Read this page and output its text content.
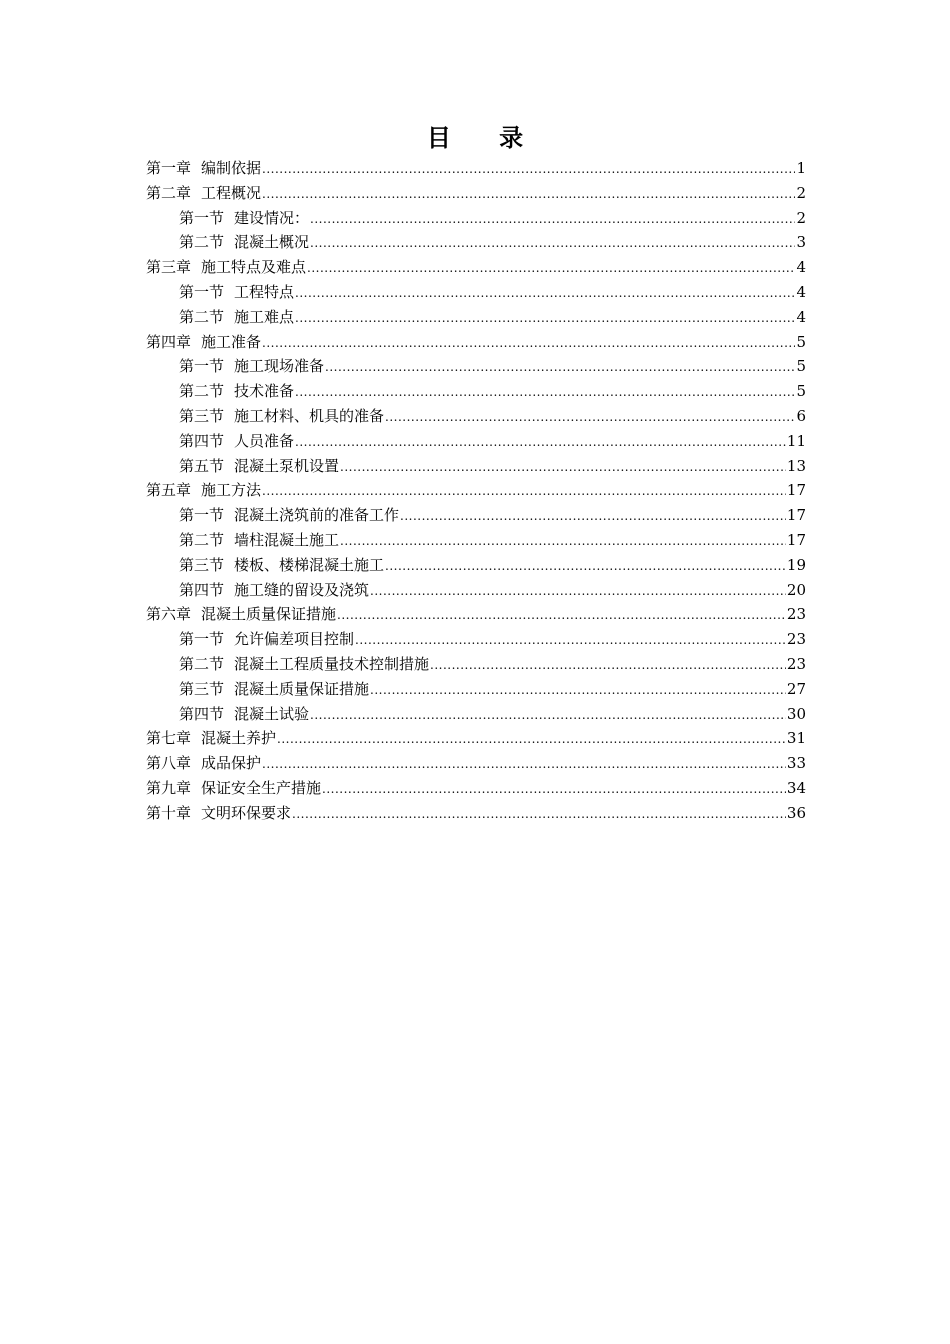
目 录
第一章 编制依据 .....	1
第二章 工程概况 .....	2
第一节 建设情况： .....	2
第二节 混凝土概况 .....	3
第三章 施工特点及难点 .....	4
第一节 工程特点 .....	4
第二节 施工难点 .....	4
第四章 施工准备 .....	5
第一节 施工现场准备 .....	5
第二节 技术准备 .....	5
第三节 施工材料、机具的准备 .....	6
第四节 人员准备 .....	11
第五节 混凝土泵机设置 .....	13
第五章 施工方法 .....	17
第一节 混凝土浇筑前的准备工作 .....	17
第二节 墙柱混凝土施工 .....	17
第三节 楼板、楼梯混凝土施工 .....	19
第四节 施工缝的留设及浇筑 .....	20
第六章 混凝土质量保证措施 .....	23
第一节 允许偏差项目控制 .....	23
第二节 混凝土工程质量技术控制措施 .....	23
第三节 混凝土质量保证措施 .....	27
第四节 混凝土试验 .....	30
第七章 混凝土养护 .....	31
第八章 成品保护 .....	33
第九章 保证安全生产措施 .....	34
第十章 文明环保要求 .....	36
